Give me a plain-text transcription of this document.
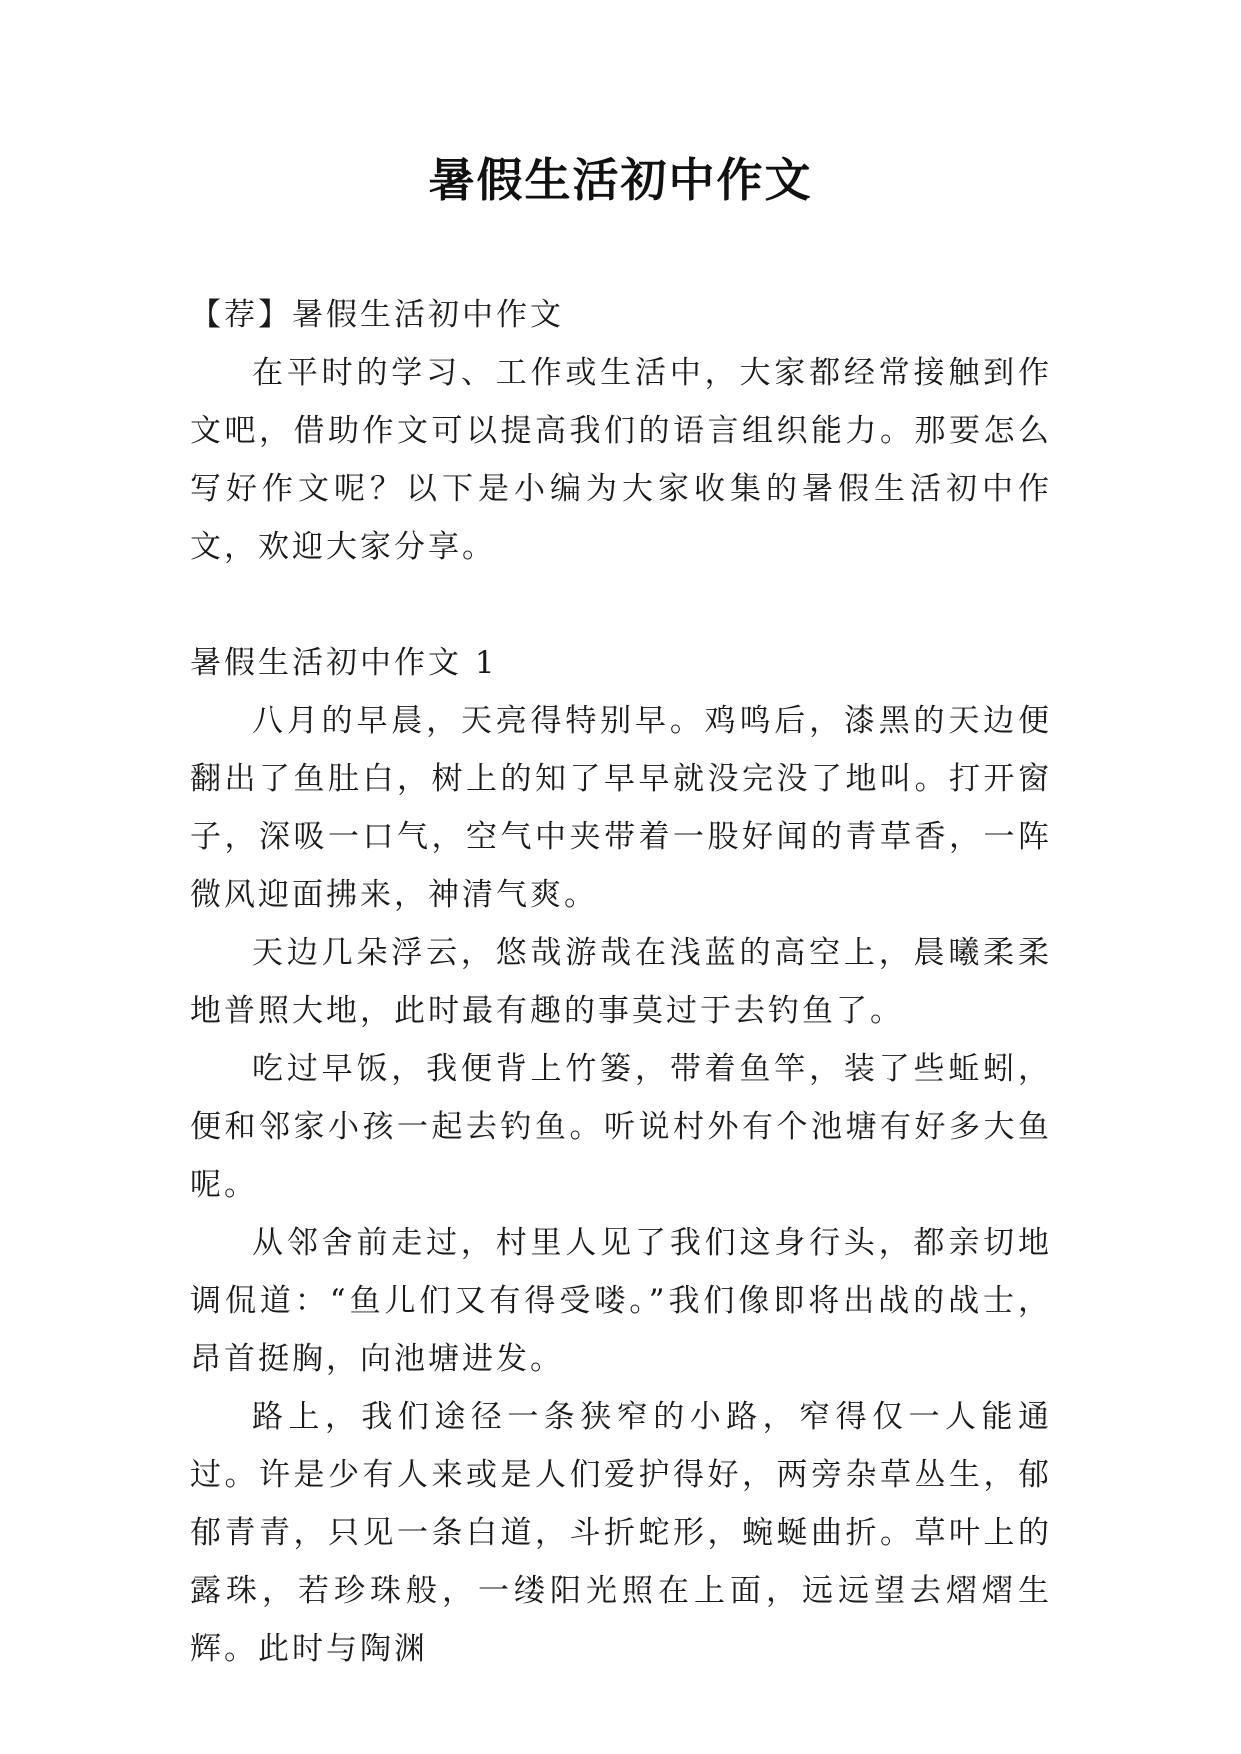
暑假生活初中作文

【荐】暑假生活初中作文

在平时的学习、工作或生活中，大家都经常接触到作文吧，借助作文可以提高我们的语言组织能力。那要怎么写好作文呢？以下是小编为大家收集的暑假生活初中作文，欢迎大家分享。

暑假生活初中作文 1

八月的早晨，天亮得特别早。鸡鸣后，漆黑的天边便翻出了鱼肚白，树上的知了早早就没完没了地叫。打开窗子，深吸一口气，空气中夹带着一股好闻的青草香，一阵微风迎面拂来，神清气爽。

天边几朵浮云，悠哉游哉在浅蓝的高空上，晨曦柔柔地普照大地，此时最有趣的事莫过于去钓鱼了。

吃过早饭，我便背上竹篓，带着鱼竿，装了些蚯蚓，便和邻家小孩一起去钓鱼。听说村外有个池塘有好多大鱼呢。

从邻舍前走过，村里人见了我们这身行头，都亲切地调侃道：“鱼儿们又有得受喽。”我们像即将出战的战士，昂首挺胸，向池塘进发。

路上，我们途径一条狭窄的小路，窄得仅一人能通过。许是少有人来或是人们爱护得好，两旁杂草丛生，郁郁青青，只见一条白道，斗折蛇形，蜿蜒曲折。草叶上的露珠，若珍珠般，一缕阳光照在上面，远远望去熠熠生辉。此时与陶渊
